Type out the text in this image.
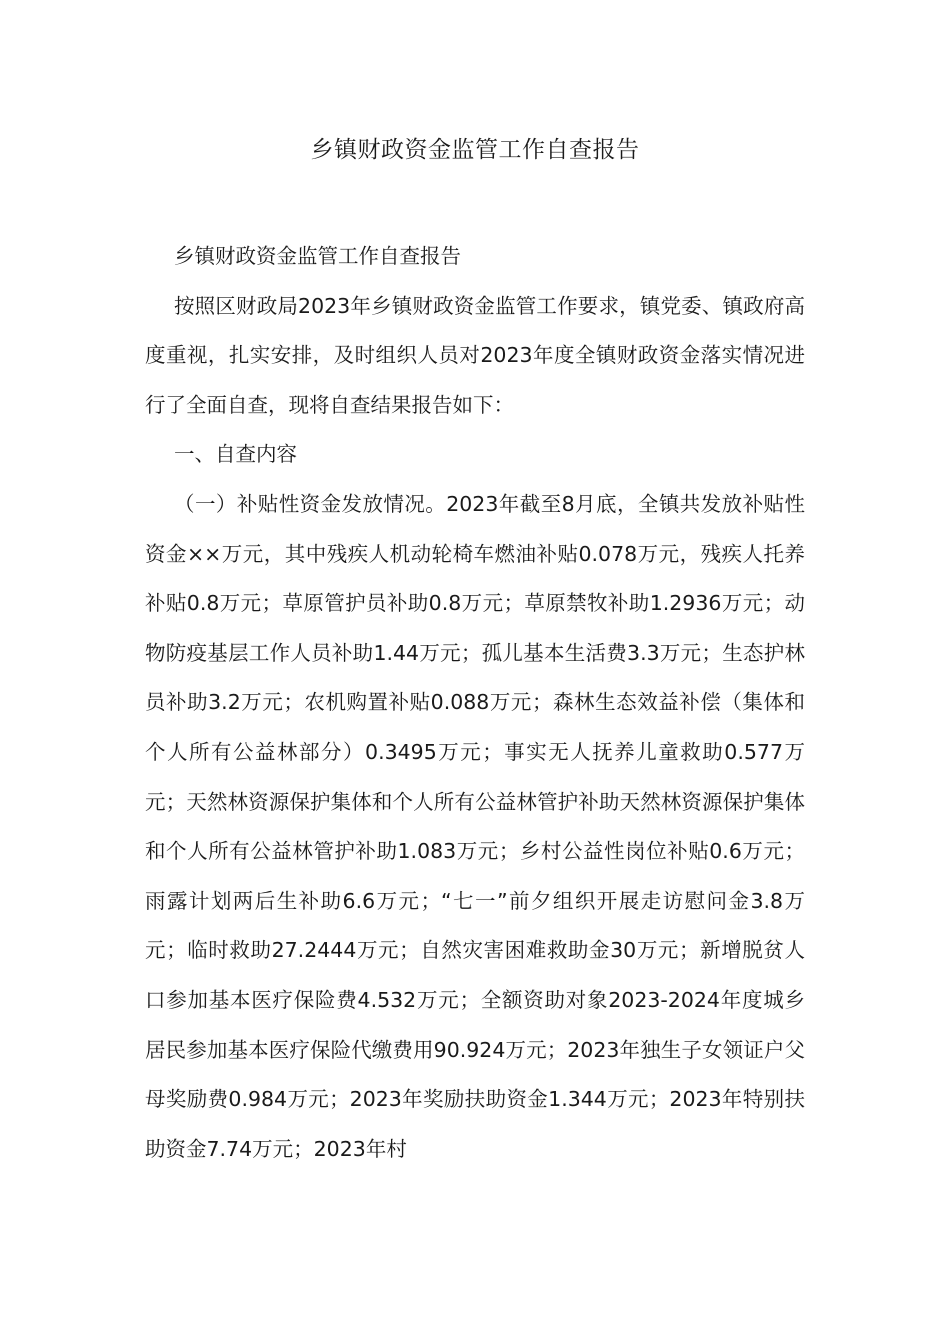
乡镇财政资金监管工作自查报告

乡镇财政资金监管工作自查报告

按照区财政局2023年乡镇财政资金监管工作要求，镇党委、镇政府高度重视，扎实安排，及时组织人员对2023年度全镇财政资金落实情况进行了全面自查，现将自查结果报告如下：

一、自查内容

（一）补贴性资金发放情况。2023年截至8月底，全镇共发放补贴性资金××万元，其中残疾人机动轮椅车燃油补贴0.078万元，残疾人托养补贴0.8万元；草原管护员补助0.8万元；草原禁牧补助1.2936万元；动物防疫基层工作人员补助1.44万元；孤儿基本生活费3.3万元；生态护林员补助3.2万元；农机购置补贴0.088万元；森林生态效益补偿（集体和个人所有公益林部分）0.3495万元；事实无人抚养儿童救助0.577万元；天然林资源保护集体和个人所有公益林管护补助天然林资源保护集体和个人所有公益林管护补助1.083万元；乡村公益性岗位补贴0.6万元；雨露计划两后生补助6.6万元；“七一”前夕组织开展走访慰问金3.8万元；临时救助27.2444万元；自然灾害困难救助金30万元；新增脱贫人口参加基本医疗保险费4.532万元；全额资助对象2023-2024年度城乡居民参加基本医疗保险代缴费用90.924万元；2023年独生子女领证户父母奖励费0.984万元；2023年奖励扶助资金1.344万元；2023年特别扶助资金7.74万元；2023年村
